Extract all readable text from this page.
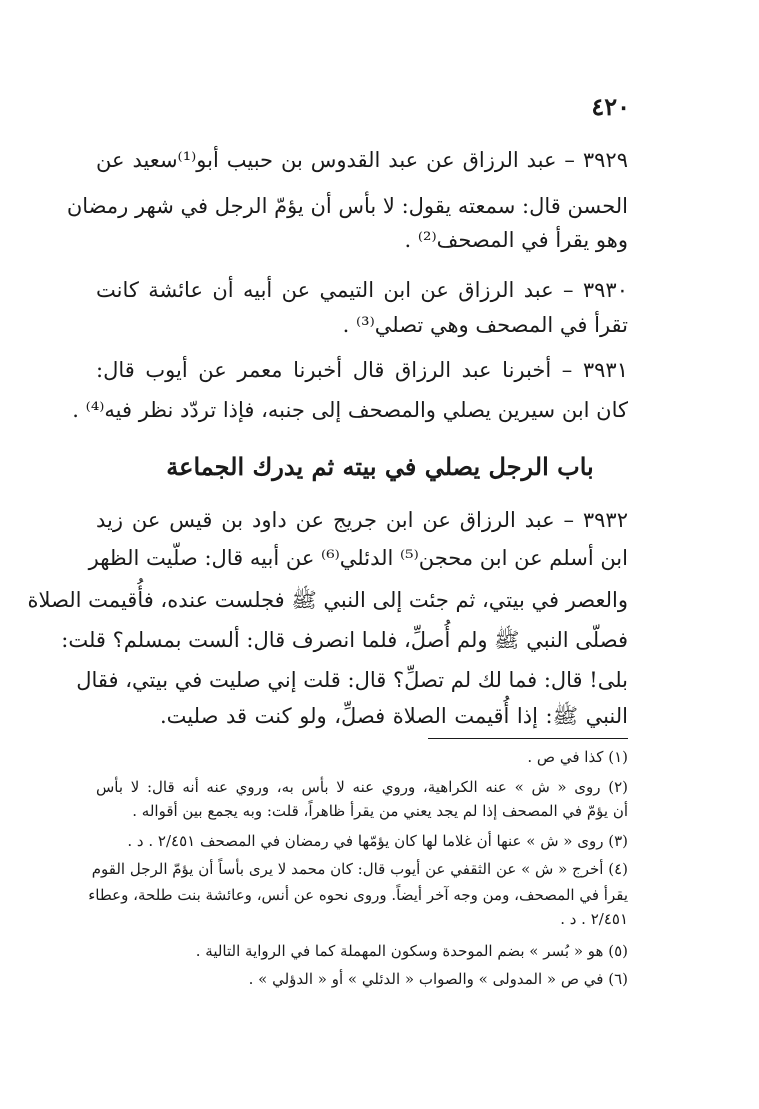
٤٢٠
٣٩٢٩ – عبد الرزاق عن عبد القدوس بن حبيب أبو⁽¹⁾سعيد عن
الحسن قال: سمعته يقول: لا بأس أن يؤمّ الرجل في شهر رمضان
وهو يقرأ في المصحف⁽²⁾ .
٣٩٣٠ – عبد الرزاق عن ابن التيمي عن أبيه أن عائشة كانت
تقرأ في المصحف وهي تصلي⁽³⁾ .
٣٩٣١ – أخبرنا عبد الرزاق قال أخبرنا معمر عن أيوب قال:
كان ابن سيرين يصلي والمصحف إلى جنبه، فإذا تردّد نظر فيه⁽⁴⁾ .
باب الرجل يصلي في بيته ثم يدرك الجماعة
٣٩٣٢ – عبد الرزاق عن ابن جريج عن داود بن قيس عن زيد
ابن أسلم عن ابن محجن⁽⁵⁾ الدئلي⁽⁶⁾ عن أبيه قال: صلّيت الظهر
والعصر في بيتي، ثم جئت إلى النبي ﷺ فجلست عنده، فأُقيمت الصلاة
فصلّى النبي ﷺ ولم أُصلِّ، فلما انصرف قال: ألست بمسلم؟ قلت:
بلى! قال: فما لك لم تصلِّ؟ قال: قلت إني صليت في بيتي، فقال
النبي ﷺ: إذا أُقيمت الصلاة فصلِّ، ولو كنت قد صليت.
(١) كذا في ص .
(٢) روى « ش » عنه الكراهية، وروي عنه لا بأس به، وروي عنه أنه قال: لا بأس
أن يؤمّ في المصحف إذا لم يجد يعني من يقرأ ظاهراً، قلت: وبه يجمع بين أقواله .
(٣) روى « ش » عنها أن غلاما لها كان يؤمّها في رمضان في المصحف ٢/٤٥١ . د .
(٤) أخرج « ش » عن الثقفي عن أيوب قال: كان محمد لا يرى بأساً أن يؤمّ الرجل القوم
يقرأ في المصحف، ومن وجه آخر أيضاً. وروى نحوه عن أنس، وعائشة بنت طلحة، وعطاء
٢/٤٥١ . د .
(٥) هو « بُسر » بضم الموحدة وسكون المهملة كما في الرواية التالية .
(٦) في ص « المدولى » والصواب « الدئلي » أو « الدؤلي » .
